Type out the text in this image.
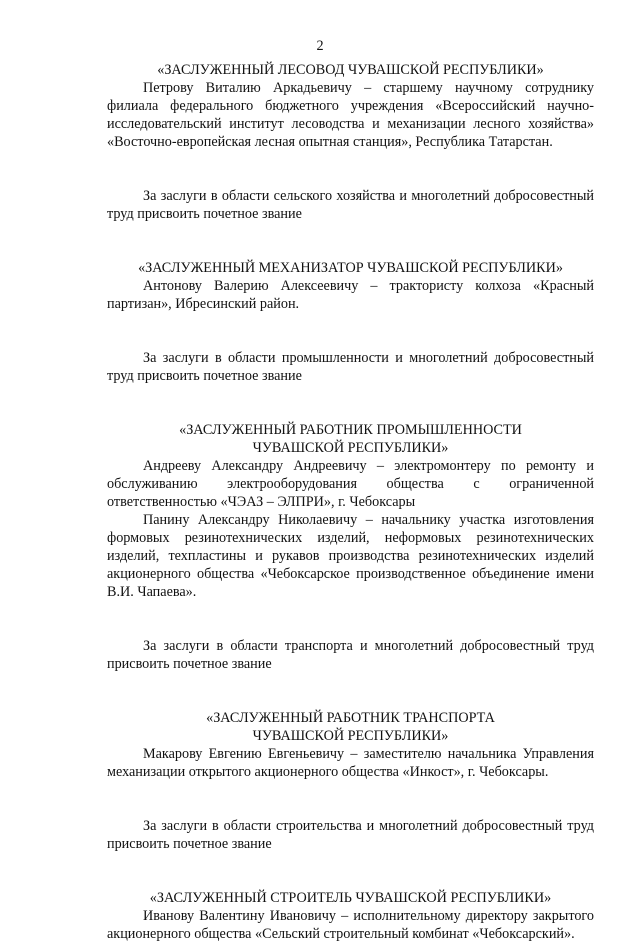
2

«ЗАСЛУЖЕННЫЙ ЛЕСОВОД ЧУВАШСКОЙ РЕСПУБЛИКИ»

Петрову Виталию Аркадьевичу – старшему научному сотруднику филиала федерального бюджетного учреждения «Всероссийский научно-исследовательский институт лесоводства и механизации лесного хозяйства» «Восточно-европейская лесная опытная станция», Республика Татарстан.

За заслуги в области сельского хозяйства и многолетний добросовестный труд присвоить почетное звание

«ЗАСЛУЖЕННЫЙ МЕХАНИЗАТОР ЧУВАШСКОЙ РЕСПУБЛИКИ»

Антонову Валерию Алексеевичу – трактористу колхоза «Красный партизан», Ибресинский район.

За заслуги в области промышленности и многолетний добросовестный труд присвоить почетное звание

«ЗАСЛУЖЕННЫЙ РАБОТНИК ПРОМЫШЛЕННОСТИ

ЧУВАШСКОЙ РЕСПУБЛИКИ»

Андрееву Александру Андреевичу – электромонтеру по ремонту и обслуживанию электрооборудования общества с ограниченной ответственностью «ЧЭАЗ – ЭЛПРИ», г. Чебоксары

Панину Александру Николаевичу – начальнику участка изготовления формовых резинотехнических изделий, неформовых резинотехнических изделий, техпластины и рукавов производства резинотехнических изделий акционерного общества «Чебоксарское производственное объединение имени В.И. Чапаева».

За заслуги в области транспорта и многолетний добросовестный труд присвоить почетное звание

«ЗАСЛУЖЕННЫЙ РАБОТНИК ТРАНСПОРТА

ЧУВАШСКОЙ РЕСПУБЛИКИ»

Макарову Евгению Евгеньевичу – заместителю начальника Управления механизации открытого акционерного общества «Инкост», г. Чебоксары.

За заслуги в области строительства и многолетний добросовестный труд присвоить почетное звание

«ЗАСЛУЖЕННЫЙ СТРОИТЕЛЬ ЧУВАШСКОЙ РЕСПУБЛИКИ»

Иванову Валентину Ивановичу – исполнительному директору закрытого акционерного общества «Сельский строительный комбинат «Чебоксарский».
